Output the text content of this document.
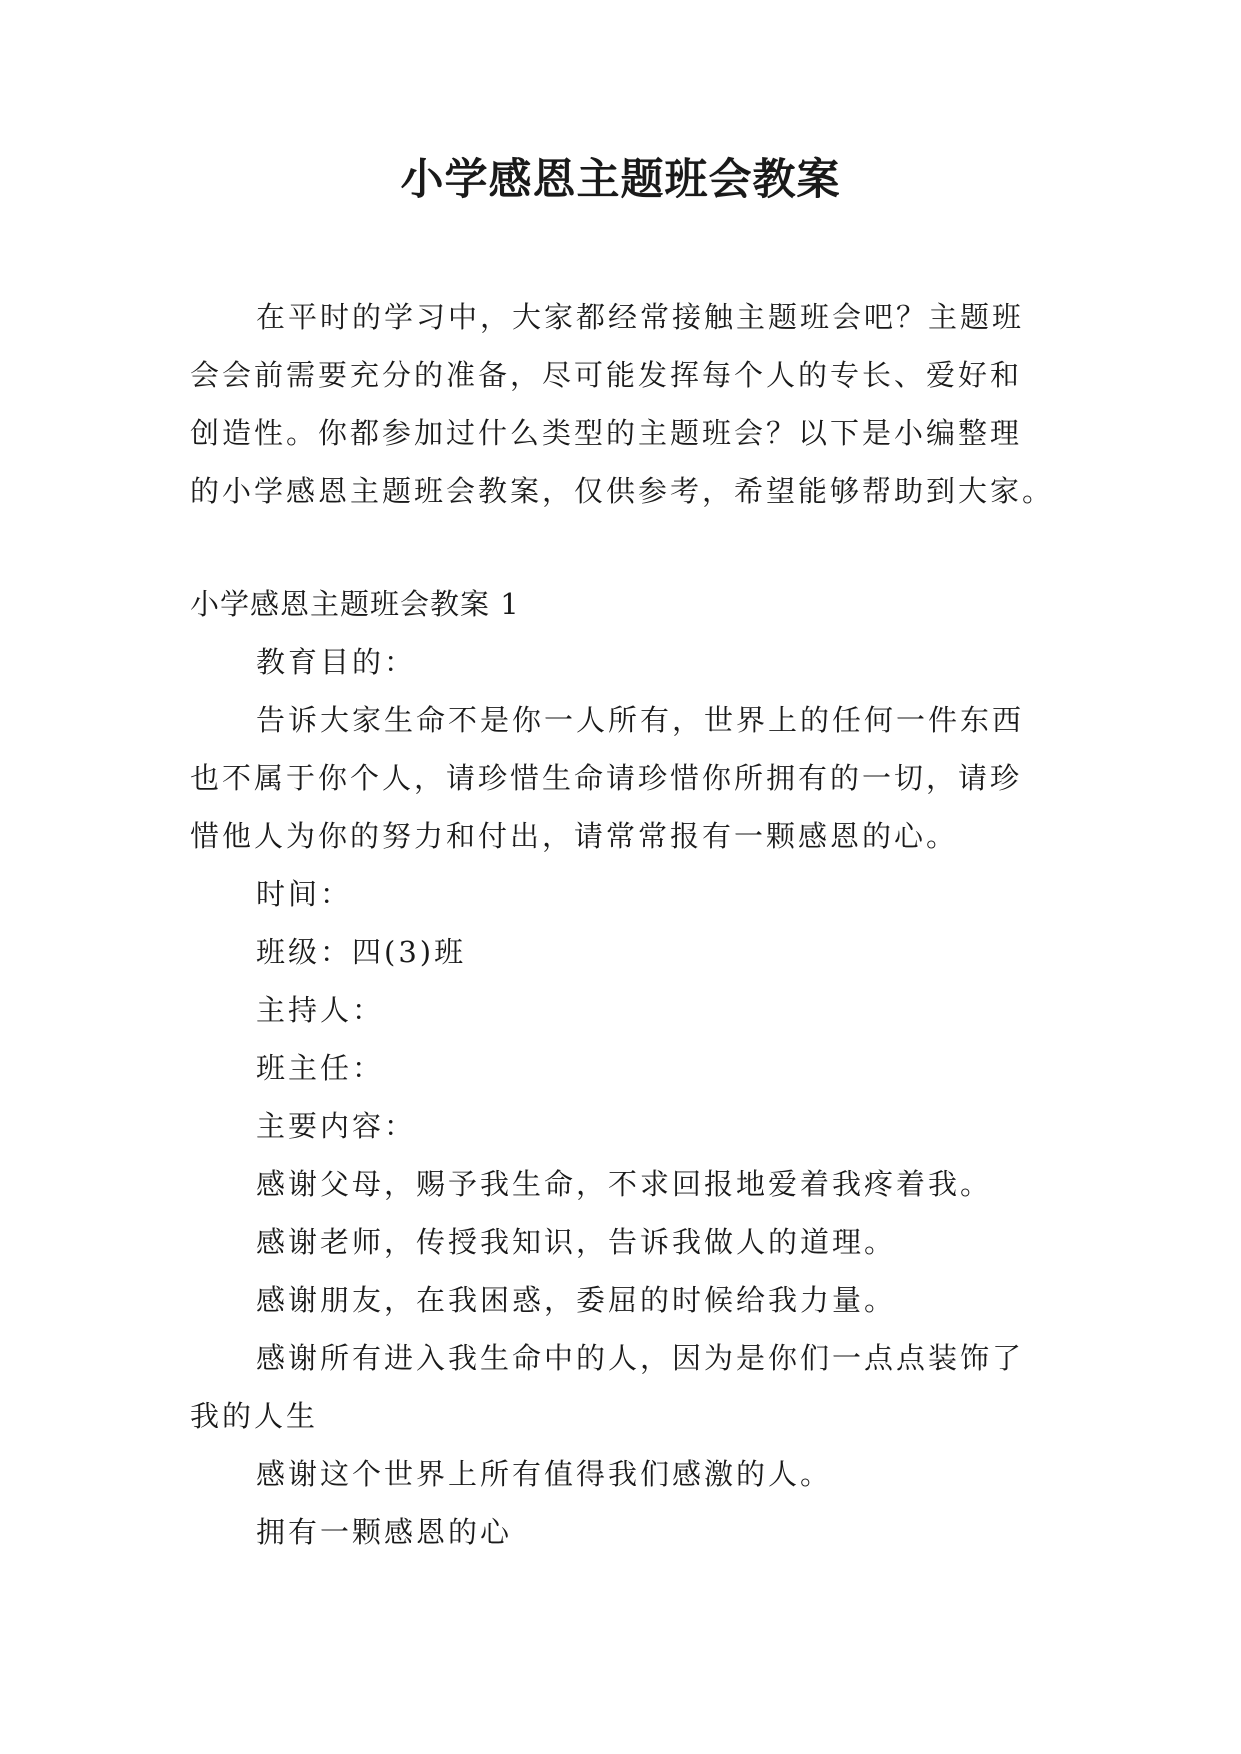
小学感恩主题班会教案
在平时的学习中，大家都经常接触主题班会吧？主题班
会会前需要充分的准备，尽可能发挥每个人的专长、爱好和
创造性。你都参加过什么类型的主题班会？以下是小编整理
的小学感恩主题班会教案，仅供参考，希望能够帮助到大家。
小学感恩主题班会教案 1
教育目的：
告诉大家生命不是你一人所有，世界上的任何一件东西
也不属于你个人，请珍惜生命请珍惜你所拥有的一切，请珍
惜他人为你的努力和付出，请常常报有一颗感恩的心。
时间：
班级：四(3)班
主持人：
班主任：
主要内容：
感谢父母，赐予我生命，不求回报地爱着我疼着我。
感谢老师，传授我知识，告诉我做人的道理。
感谢朋友，在我困惑，委屈的时候给我力量。
感谢所有进入我生命中的人，因为是你们一点点装饰了
我的人生
感谢这个世界上所有值得我们感激的人。
拥有一颗感恩的心
